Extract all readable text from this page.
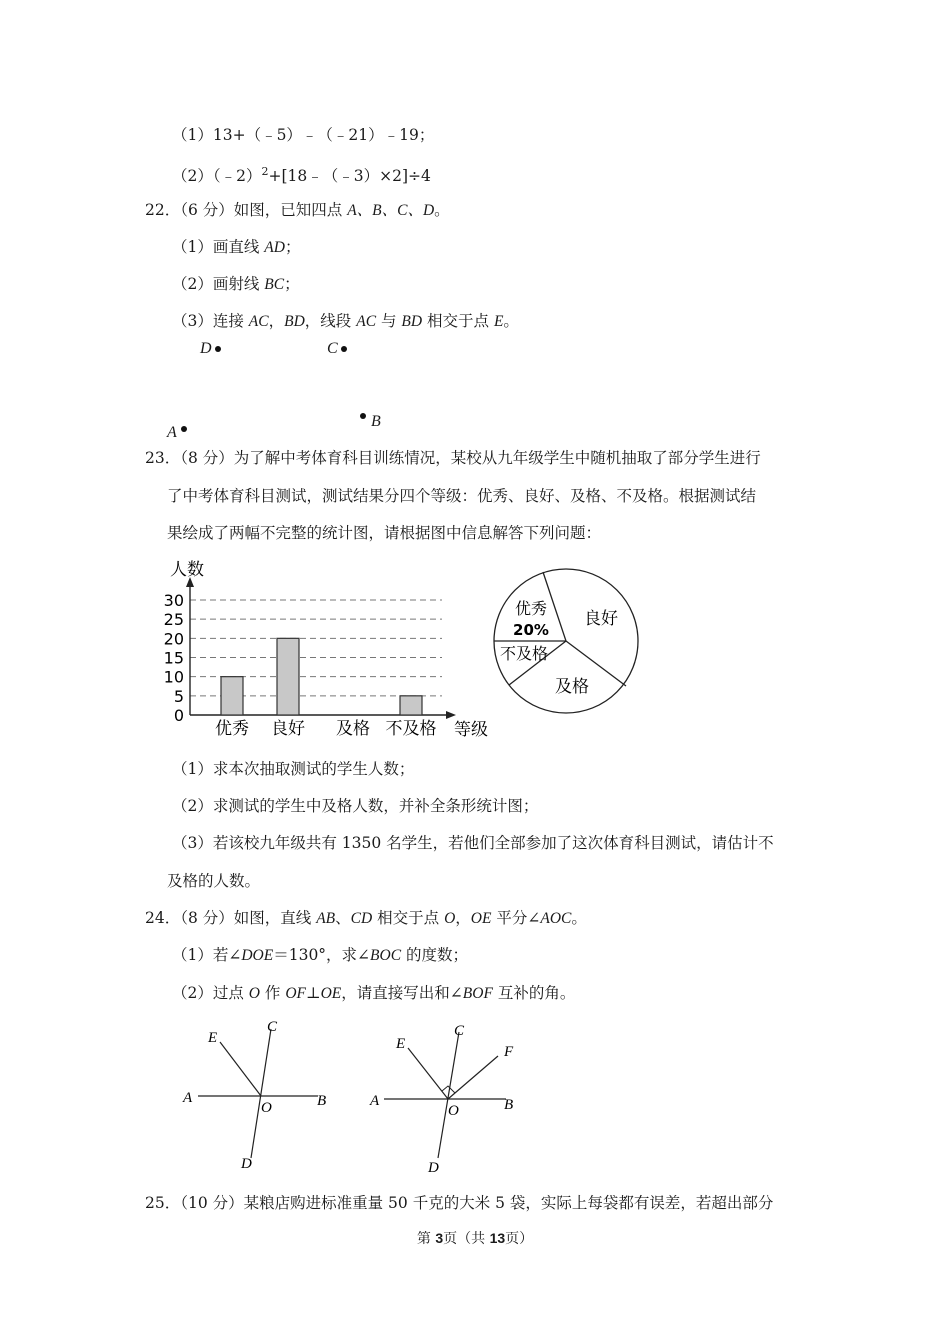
（1）13+（﹣5）﹣（﹣21）﹣19；
（2）（﹣2）$^2$+[18﹣（﹣3）×2]÷4
22．（6 分）如图，已知四点 A、B、C、D。
（1）画直线 AD；
（2）画射线 BC；
（3）连接 AC，BD，线段 AC 与 BD 相交于点 E。
D	C
A
B
23．（8 分）为了解中考体育科目训练情况，某校从九年级学生中随机抽取了部分学生进行
了中考体育科目测试，测试结果分四个等级：优秀、良好、及格、不及格。根据测试结
果绘成了两幅不完整的统计图，请根据图中信息解答下列问题：
0
5
10
15
20
25
30
人数
等级
优秀 良好 及格 不及格
优秀
20%
良好
不及格
及格
（1）求本次抽取测试的学生人数；
（2）求测试的学生中及格人数，并补全条形统计图；
（3）若该校九年级共有 1350 名学生，若他们全部参加了这次体育科目测试，请估计不
及格的人数。
24．（8 分）如图，直线 AB、CD 相交于点 O，OE 平分∠AOC。
（1）若∠DOE＝130°，求∠BOC 的度数；
（2）过点 O 作 OF⊥OE，请直接写出和∠BOF 互补的角。
E
C
A
O	B
D
E
C
F
A
O	B
D
25．（10 分）某粮店购进标准重量 50 千克的大米 5 袋，实际上每袋都有误差，若超出部分
第 3页（共 13页）
